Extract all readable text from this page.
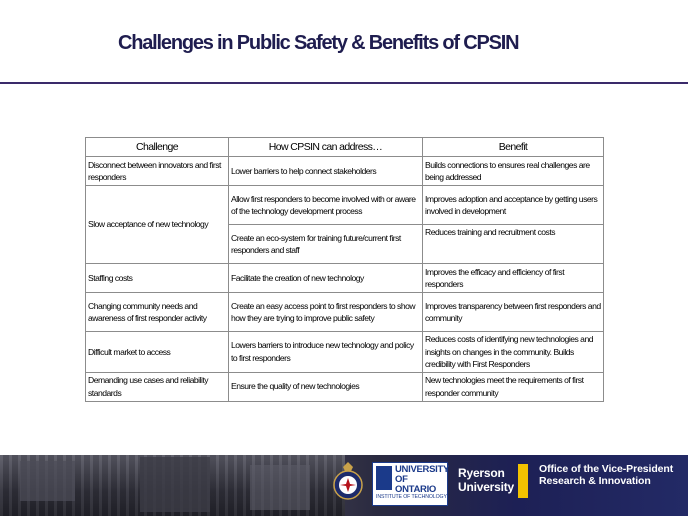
Challenges in Public Safety & Benefits of CPSIN
Challenge	How CPSIN can address…	Benefit
Disconnect between innovators and first responders	Lower barriers to help connect stakeholders	Builds connections to ensures real challenges are being addressed
Slow acceptance of new technology	Allow first responders to become involved with or aware of the technology development process	Improves adoption and acceptance by getting users involved in development
	Create an eco-system for training future/current first responders and staff	Reduces training and recruitment costs
Staffing costs	Facilitate the creation of new technology	Improves the efficacy and efficiency of first responders
Changing community needs and awareness of first responder activity	Create an easy access point to first responders to show how they are trying to improve public safety	Improves transparency between first responders and community
Difficult market to access	Lowers barriers to introduce new technology and policy to first responders	Reduces costs of identifying new technologies and insights on changes in the community. Builds credibility with First Responders
Demanding use cases and reliability standards	Ensure the quality of new technologies	New technologies meet the requirements of first responder community
UNIVERSITY OF ONTARIO
INSTITUTE OF TECHNOLOGY
Ryerson University
Office of the Vice-President Research & Innovation
